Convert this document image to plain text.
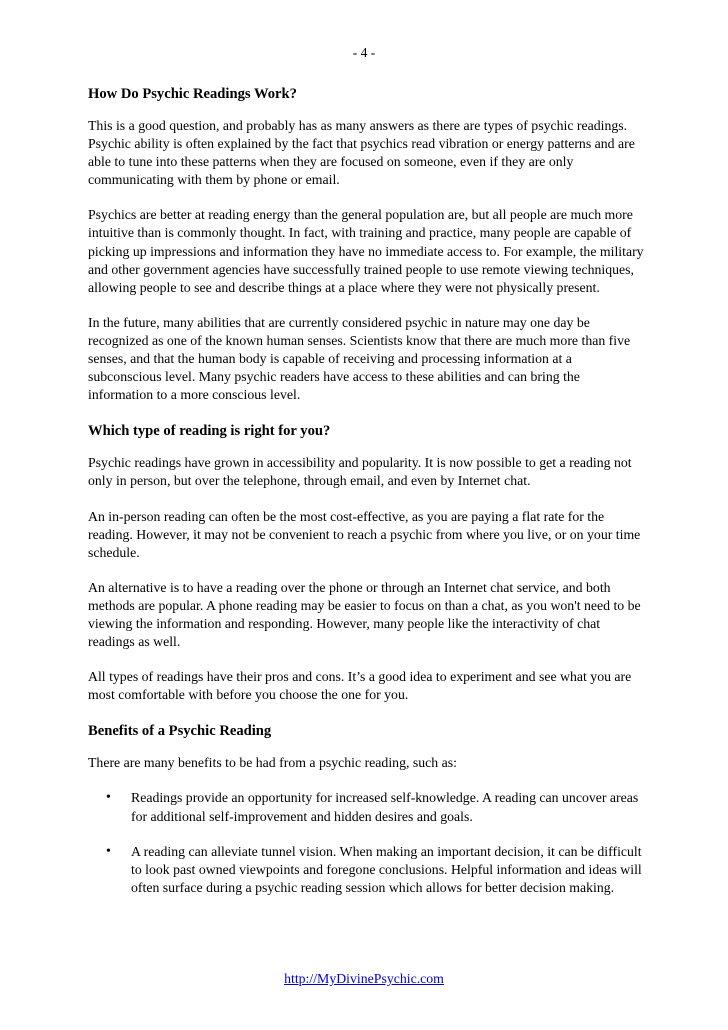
- 4 -
How Do Psychic Readings Work?

This is a good question, and probably has as many answers as there are types of psychic readings. Psychic ability is often explained by the fact that psychics read vibration or energy patterns and are able to tune into these patterns when they are focused on someone, even if they are only communicating with them by phone or email.

Psychics are better at reading energy than the general population are, but all people are much more intuitive than is commonly thought. In fact, with training and practice, many people are capable of picking up impressions and information they have no immediate access to. For example, the military and other government agencies have successfully trained people to use remote viewing techniques, allowing people to see and describe things at a place where they were not physically present.

In the future, many abilities that are currently considered psychic in nature may one day be recognized as one of the known human senses. Scientists know that there are much more than five senses, and that the human body is capable of receiving and processing information at a subconscious level. Many psychic readers have access to these abilities and can bring the information to a more conscious level.

Which type of reading is right for you?

Psychic readings have grown in accessibility and popularity. It is now possible to get a reading not only in person, but over the telephone, through email, and even by Internet chat.

An in-person reading can often be the most cost-effective, as you are paying a flat rate for the reading. However, it may not be convenient to reach a psychic from where you live, or on your time schedule.

An alternative is to have a reading over the phone or through an Internet chat service, and both methods are popular. A phone reading may be easier to focus on than a chat, as you won't need to be viewing the information and responding. However, many people like the interactivity of chat readings as well.

All types of readings have their pros and cons. It’s a good idea to experiment and see what you are most comfortable with before you choose the one for you.

Benefits of a Psychic Reading

There are many benefits to be had from a psychic reading, such as:

• Readings provide an opportunity for increased self-knowledge. A reading can uncover areas for additional self-improvement and hidden desires and goals.
• A reading can alleviate tunnel vision. When making an important decision, it can be difficult to look past owned viewpoints and foregone conclusions. Helpful information and ideas will often surface during a psychic reading session which allows for better decision making.
http://MyDivinePsychic.com
